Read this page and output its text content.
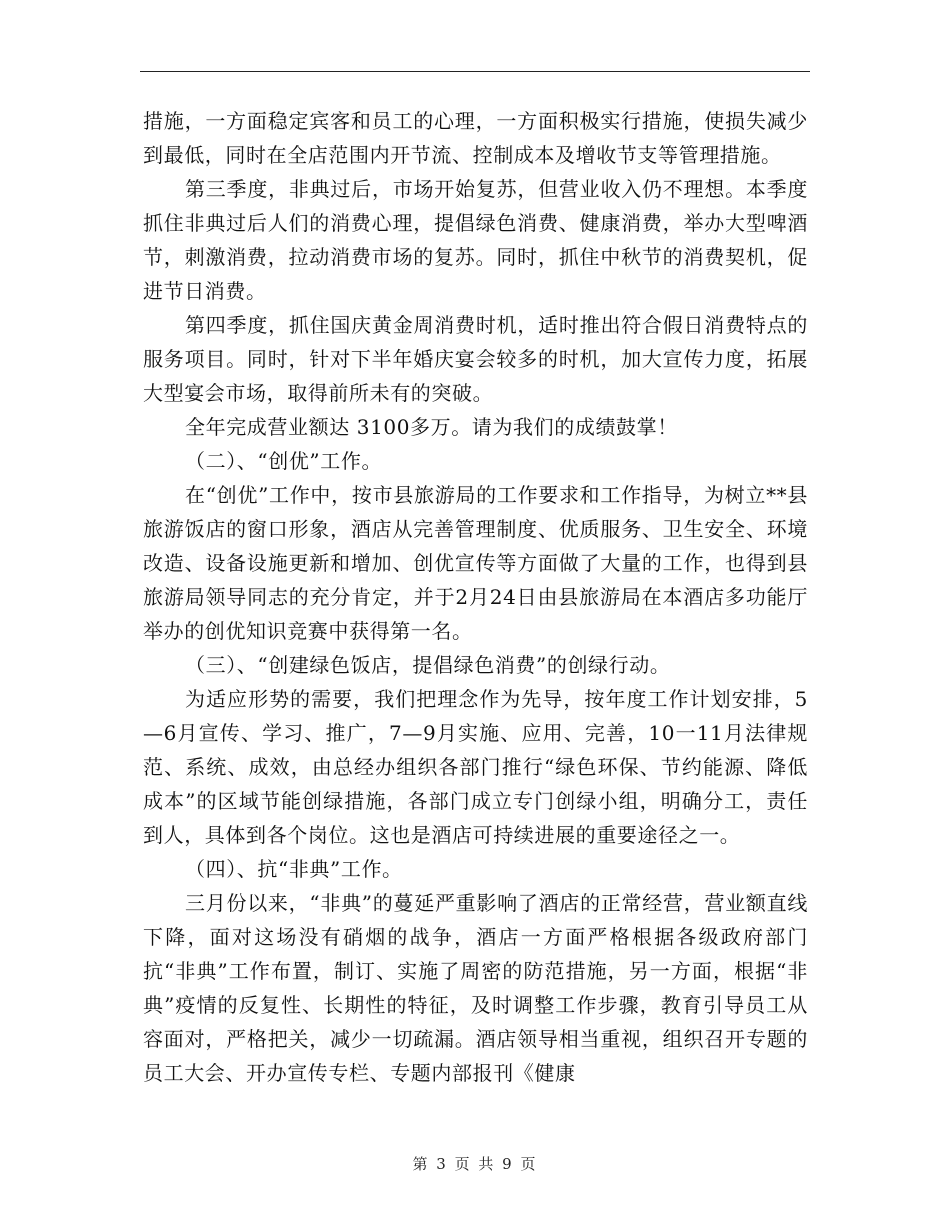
措施，一方面稳定宾客和员工的心理，一方面积极实行措施，使损失减少到最低，同时在全店范围内开节流、控制成本及增收节支等管理措施。

第三季度，非典过后，市场开始复苏，但营业收入仍不理想。本季度抓住非典过后人们的消费心理，提倡绿色消费、健康消费，举办大型啤酒节，刺激消费，拉动消费市场的复苏。同时，抓住中秋节的消费契机，促进节日消费。

第四季度，抓住国庆黄金周消费时机，适时推出符合假日消费特点的服务项目。同时，针对下半年婚庆宴会较多的时机，加大宣传力度，拓展大型宴会市场，取得前所未有的突破。

全年完成营业额达 3100多万。请为我们的成绩鼓掌！

（二）、“创优”工作。

在“创优”工作中，按市县旅游局的工作要求和工作指导，为树立**县旅游饭店的窗口形象，酒店从完善管理制度、优质服务、卫生安全、环境改造、设备设施更新和增加、创优宣传等方面做了大量的工作，也得到县旅游局领导同志的充分肯定，并于2月24日由县旅游局在本酒店多功能厅举办的创优知识竞赛中获得第一名。

（三）、“创建绿色饭店，提倡绿色消费”的创绿行动。

为适应形势的需要，我们把理念作为先导，按年度工作计划安排，5—6月宣传、学习、推广，7—9月实施、应用、完善，10一11月法律规范、系统、成效，由总经办组织各部门推行“绿色环保、节约能源、降低成本”的区域节能创绿措施，各部门成立专门创绿小组，明确分工，责任到人，具体到各个岗位。这也是酒店可持续进展的重要途径之一。

（四）、抗“非典”工作。

三月份以来，“非典”的蔓延严重影响了酒店的正常经营，营业额直线下降，面对这场没有硝烟的战争，酒店一方面严格根据各级政府部门抗“非典”工作布置，制订、实施了周密的防范措施，另一方面，根据“非典”疫情的反复性、长期性的特征，及时调整工作步骤，教育引导员工从容面对，严格把关，减少一切疏漏。酒店领导相当重视，组织召开专题的员工大会、开办宣传专栏、专题内部报刊《健康

第 3 页 共 9 页
